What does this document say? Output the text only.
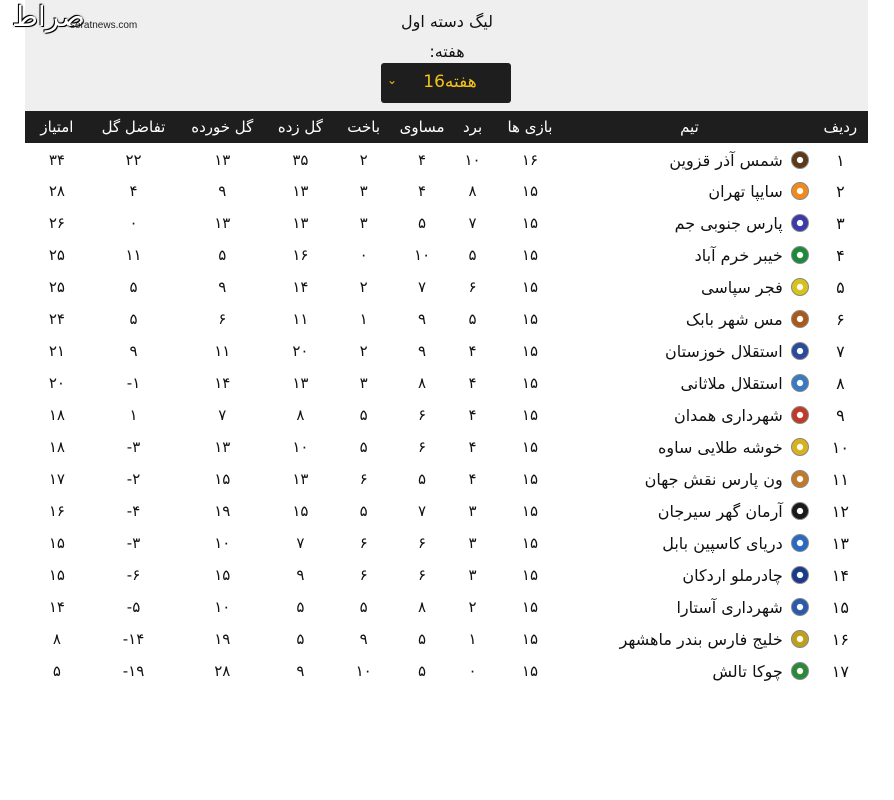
صراط
seratnews.com	لیگ دسته اول
هفته:
هفته16
⌄
ردیف	تیم	بازی ها	برد	مساوی	باخت	گل زده	گل خورده	تفاضل گل	امتیاز
۱	شمس آذر قزوین	۱۶	۱۰	۴	۲	۳۵	۱۳	۲۲	۳۴
۲	سایپا تهران	۱۵	۸	۴	۳	۱۳	۹	۴	۲۸
۳	پارس جنوبی جم	۱۵	۷	۵	۳	۱۳	۱۳	۰	۲۶
۴	خیبر خرم آباد	۱۵	۵	۱۰	۰	۱۶	۵	۱۱	۲۵
۵	فجر سپاسی	۱۵	۶	۷	۲	۱۴	۹	۵	۲۵
۶	مس شهر بابک	۱۵	۵	۹	۱	۱۱	۶	۵	۲۴
۷	استقلال خوزستان	۱۵	۴	۹	۲	۲۰	۱۱	۹	۲۱
۸	استقلال ملاثانی	۱۵	۴	۸	۳	۱۳	۱۴	۱-	۲۰
۹	شهرداری همدان	۱۵	۴	۶	۵	۸	۷	۱	۱۸
۱۰	خوشه طلایی ساوه	۱۵	۴	۶	۵	۱۰	۱۳	۳-	۱۸
۱۱	ون پارس نقش جهان	۱۵	۴	۵	۶	۱۳	۱۵	۲-	۱۷
۱۲	آرمان گهر سیرجان	۱۵	۳	۷	۵	۱۵	۱۹	۴-	۱۶
۱۳	دریای کاسپین بابل	۱۵	۳	۶	۶	۷	۱۰	۳-	۱۵
۱۴	چادرملو اردکان	۱۵	۳	۶	۶	۹	۱۵	۶-	۱۵
۱۵	شهرداری آستارا	۱۵	۲	۸	۵	۵	۱۰	۵-	۱۴
۱۶	خلیج فارس بندر ماهشهر	۱۵	۱	۵	۹	۵	۱۹	۱۴-	۸
۱۷	چوکا تالش	۱۵	۰	۵	۱۰	۹	۲۸	۱۹-	۵
